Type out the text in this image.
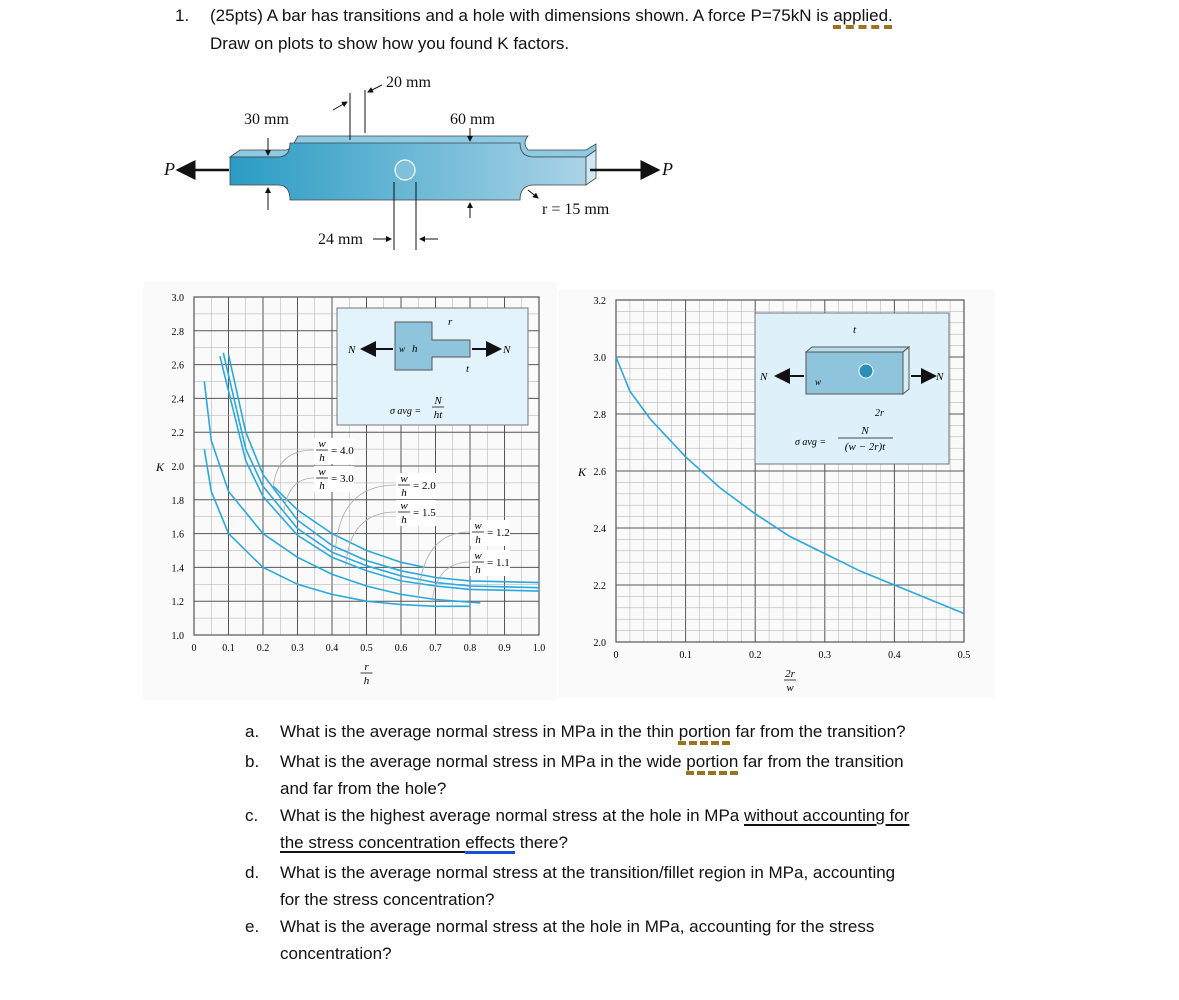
1. (25pts) A bar has transitions and a hole with dimensions shown. A force P=75kN is applied.
Draw on plots to show how you found K factors.
20 mm
30 mm	60 mm
24 mm
r = 15 mm
P	P
0	0.1 0.2 0.3 0.4 0.5 0.6 0.7 0.8 0.9 1.0
1.0
1.2
1.4
1.6
1.8
2.0
2.2
2.4
2.6
2.8
3.0
K
r
h
N	N
w h
r
t
σ avg =
N
ht
w
h
= 4.0
w
h
= 3.0	w
h
= 2.0
w
h
= 1.5
w
h
= 1.2
w
h
= 1.1
0	0.1	0.2	0.3	0.4	0.5
2.0
2.2
2.4
2.6
2.8
3.0
3.2
K
2r
w
N	N
w
t
2r
σ avg =
N
(w − 2r)t
a. What is the average normal stress in MPa in the thin portion far from the transition?
b. What is the average normal stress in MPa in the wide portion far from the transition
and far from the hole?
c. What is the highest average normal stress at the hole in MPa without accounting for
the stress concentration effects there?
d. What is the average normal stress at the transition/fillet region in MPa, accounting
for the stress concentration?
e. What is the average normal stress at the hole in MPa, accounting for the stress
concentration?
